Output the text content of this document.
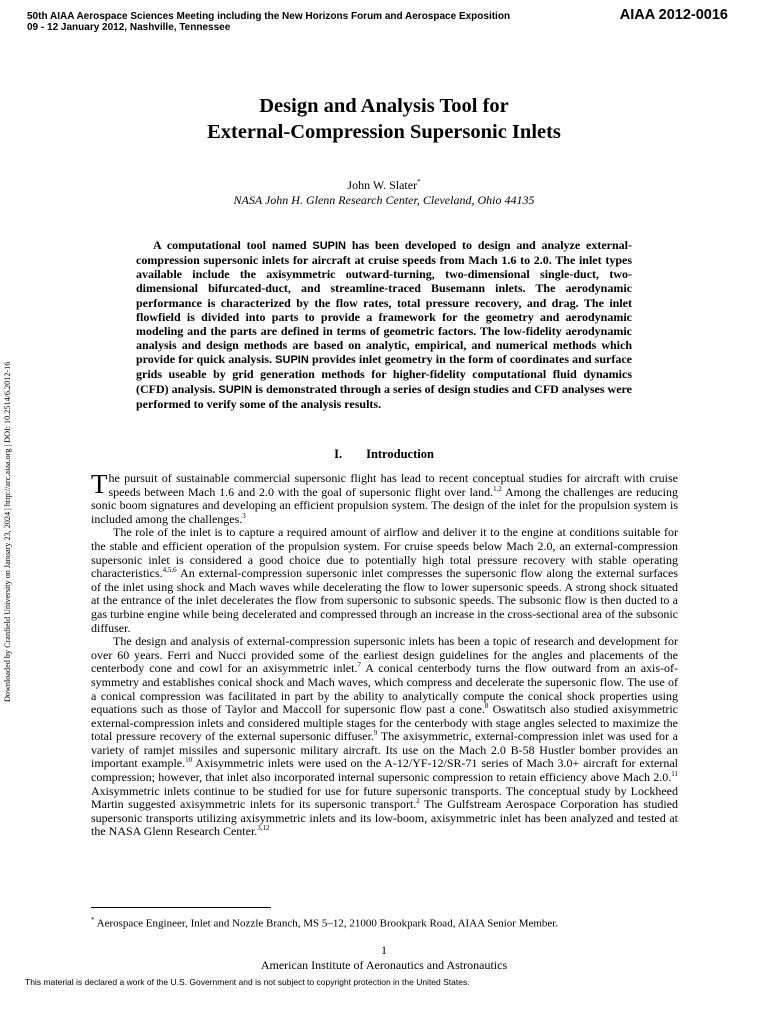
50th AIAA Aerospace Sciences Meeting including the New Horizons Forum and Aerospace Exposition
09 - 12 January 2012, Nashville, Tennessee
AIAA 2012-0016
Design and Analysis Tool for
External-Compression Supersonic Inlets
John W. Slater*
NASA John H. Glenn Research Center, Cleveland, Ohio 44135

A computational tool named SUPIN has been developed to design and analyze external-compression supersonic inlets for aircraft at cruise speeds from Mach 1.6 to 2.0. The inlet types available include the axisymmetric outward-turning, two-dimensional single-duct, two-dimensional bifurcated-duct, and streamline-traced Busemann inlets. The aerodynamic performance is characterized by the flow rates, total pressure recovery, and drag. The inlet flowfield is divided into parts to provide a framework for the geometry and aerodynamic modeling and the parts are defined in terms of geometric factors. The low-fidelity aerodynamic analysis and design methods are based on analytic, empirical, and numerical methods which provide for quick analysis. SUPIN provides inlet geometry in the form of coordinates and surface grids useable by grid generation methods for higher-fidelity computational fluid dynamics (CFD) analysis. SUPIN is demonstrated through a series of design studies and CFD analyses were performed to verify some of the analysis results.

Downloaded by Cranfield University on January 23, 2024 | http://arc.aiaa.org | DOI: 10.2514/6.2012-16	I. Introduction

The pursuit of sustainable commercial supersonic flight has lead to recent conceptual studies for aircraft with cruise speeds between Mach 1.6 and 2.0 with the goal of supersonic flight over land.$^{1,2}$ Among the challenges are reducing sonic boom signatures and developing an efficient propulsion system. The design of the inlet for the propulsion system is included among the challenges.$^3$

The role of the inlet is to capture a required amount of airflow and deliver it to the engine at conditions suitable for the stable and efficient operation of the propulsion system. For cruise speeds below Mach 2.0, an external-compression supersonic inlet is considered a good choice due to potentially high total pressure recovery with stable operating characteristics.$^{4,5,6}$ An external-compression supersonic inlet compresses the supersonic flow along the external surfaces of the inlet using shock and Mach waves while decelerating the flow to lower supersonic speeds. A strong shock situated at the entrance of the inlet decelerates the flow from supersonic to subsonic speeds. The subsonic flow is then ducted to a gas turbine engine while being decelerated and compressed through an increase in the cross-sectional area of the subsonic diffuser.

The design and analysis of external-compression supersonic inlets has been a topic of research and development for over 60 years. Ferri and Nucci provided some of the earliest design guidelines for the angles and placements of the centerbody cone and cowl for an axisymmetric inlet.$^7$ A conical centerbody turns the flow outward from an axis-of-symmetry and establishes conical shock and Mach waves, which compress and decelerate the supersonic flow. The use of a conical compression was facilitated in part by the ability to analytically compute the conical shock properties using equations such as those of Taylor and Maccoll for supersonic flow past a cone.$^8$ Oswatitsch also studied axisymmetric external-compression inlets and considered multiple stages for the centerbody with stage angles selected to maximize the total pressure recovery of the external supersonic diffuser.$^9$ The axisymmetric, external-compression inlet was used for a variety of ramjet missiles and supersonic military aircraft. Its use on the Mach 2.0 B-58 Hustler bomber provides an important example.$^{10}$ Axisymmetric inlets were used on the A-12/YF-12/SR-71 series of Mach 3.0+ aircraft for external compression; however, that inlet also incorporated internal supersonic compression to retain efficiency above Mach 2.0.11 Axisymmetric inlets continue to be studied for use for future supersonic transports. The conceptual study by Lockheed Martin suggested axisymmetric inlets for its supersonic transport.$^2$ The Gulfstream Aerospace Corporation has studied supersonic transports utilizing axisymmetric inlets and its low-boom, axisymmetric inlet has been analyzed and tested at the NASA Glenn Research Center.$^{3,12}$

* Aerospace Engineer, Inlet and Nozzle Branch, MS 5‒12, 21000 Brookpark Road, AIAA Senior Member.
1
American Institute of Aeronautics and Astronautics
This material is declared a work of the U.S. Government and is not subject to copyright protection in the United States.
